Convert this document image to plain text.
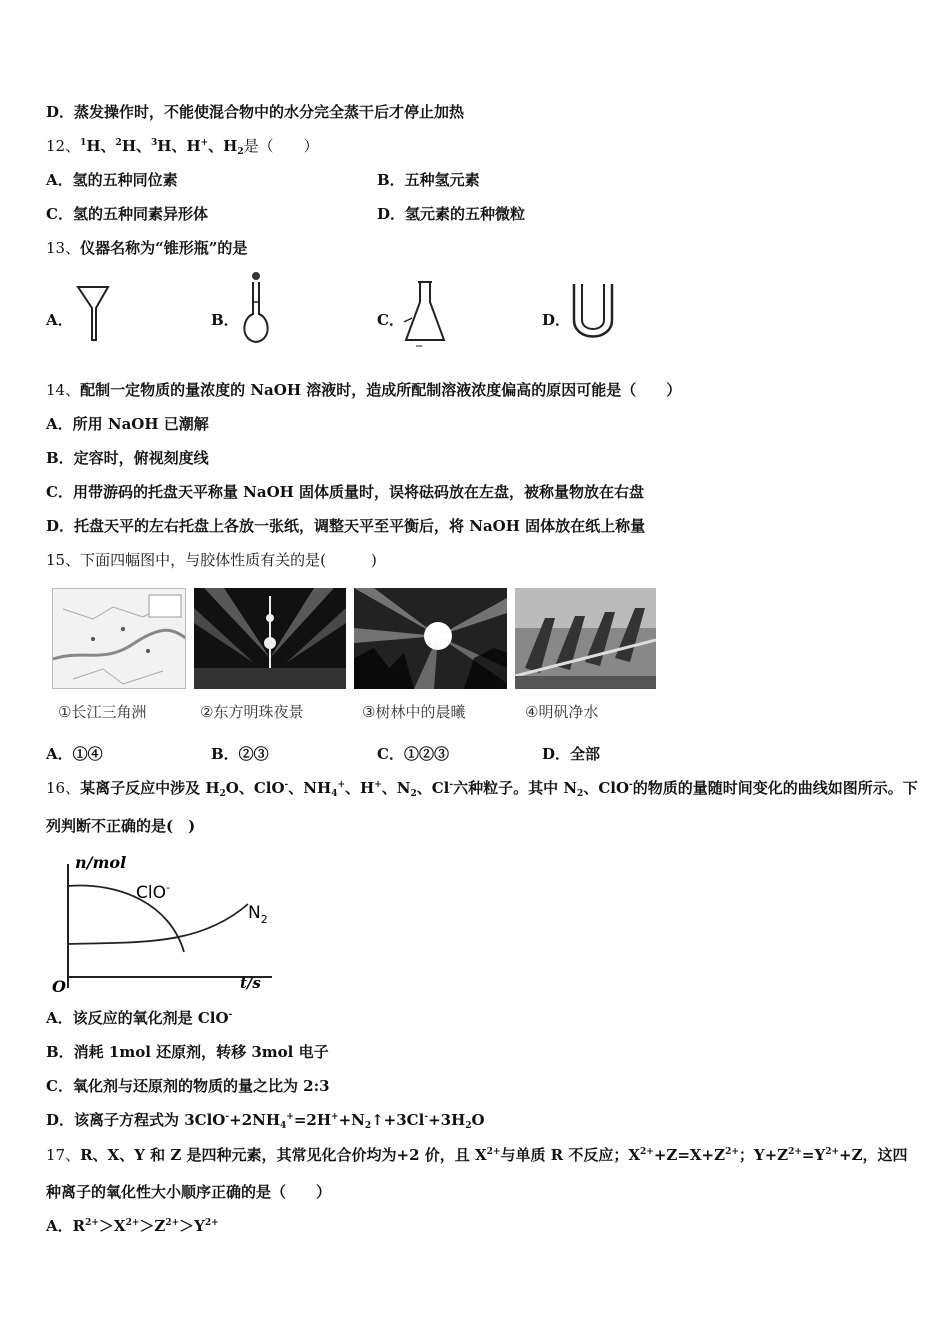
D．蒸发操作时，不能使混合物中的水分完全蒸干后才停止加热
12、$^1$H、$^2$H、$^3$H、H+、$H_2$是（　　）
A．氢的五种同位素	B．五种氢元素
C．氢的五种同素异形体	D．氢元素的五种微粒
13、仪器名称为“锥形瓶”的是
A．	B．	C．	D．
14、配制一定物质的量浓度的 NaOH 溶液时，造成所配制溶液浓度偏高的原因可能是（　　）
A．所用 NaOH 已潮解
B．定容时，俯视刻度线
C．用带游码的托盘天平称量 NaOH 固体质量时，误将砝码放在左盘，被称量物放在右盘
D．托盘天平的左右托盘上各放一张纸，调整天平至平衡后，将 NaOH 固体放在纸上称量
15、下面四幅图中，与胶体性质有关的是(　　　)
①长江三角洲	②东方明珠夜景	③树林中的晨曦	④明矾净水
A．①④	B．②③	C．①②③	D．全部
16、某离子反应中涉及 $H_2O$、ClO-、$NH_4^+$、H+、$N_2$、Cl-六种粒子。其中 $N_2$、ClO-的物质的量随时间变化的曲线如图所示。下
列判断不正确的是(　)
n/mol
t/s
O
ClO-
$N_2$
A．该反应的氧化剂是 ClO-
B．消耗 1mol 还原剂，转移 3mol 电子
C．氧化剂与还原剂的物质的量之比为 2:3
D．该离子方程式为 $3ClO^-+2NH_4^+=2H^++N_2↑+3Cl^-+3H_2O$
17、R、X、Y 和 Z 是四种元素，其常见化合价均为+2 价，且 $X^{2+}$与单质 R 不反应；$X^{2+}+Z=X+Z^{2+}$；$Y+Z^{2+}=Y^{2+}+Z$，这四
种离子的氧化性大小顺序正确的是（　　）
A．$R^{2+}>X^{2+}>Z^{2+}>Y^{2+}$
